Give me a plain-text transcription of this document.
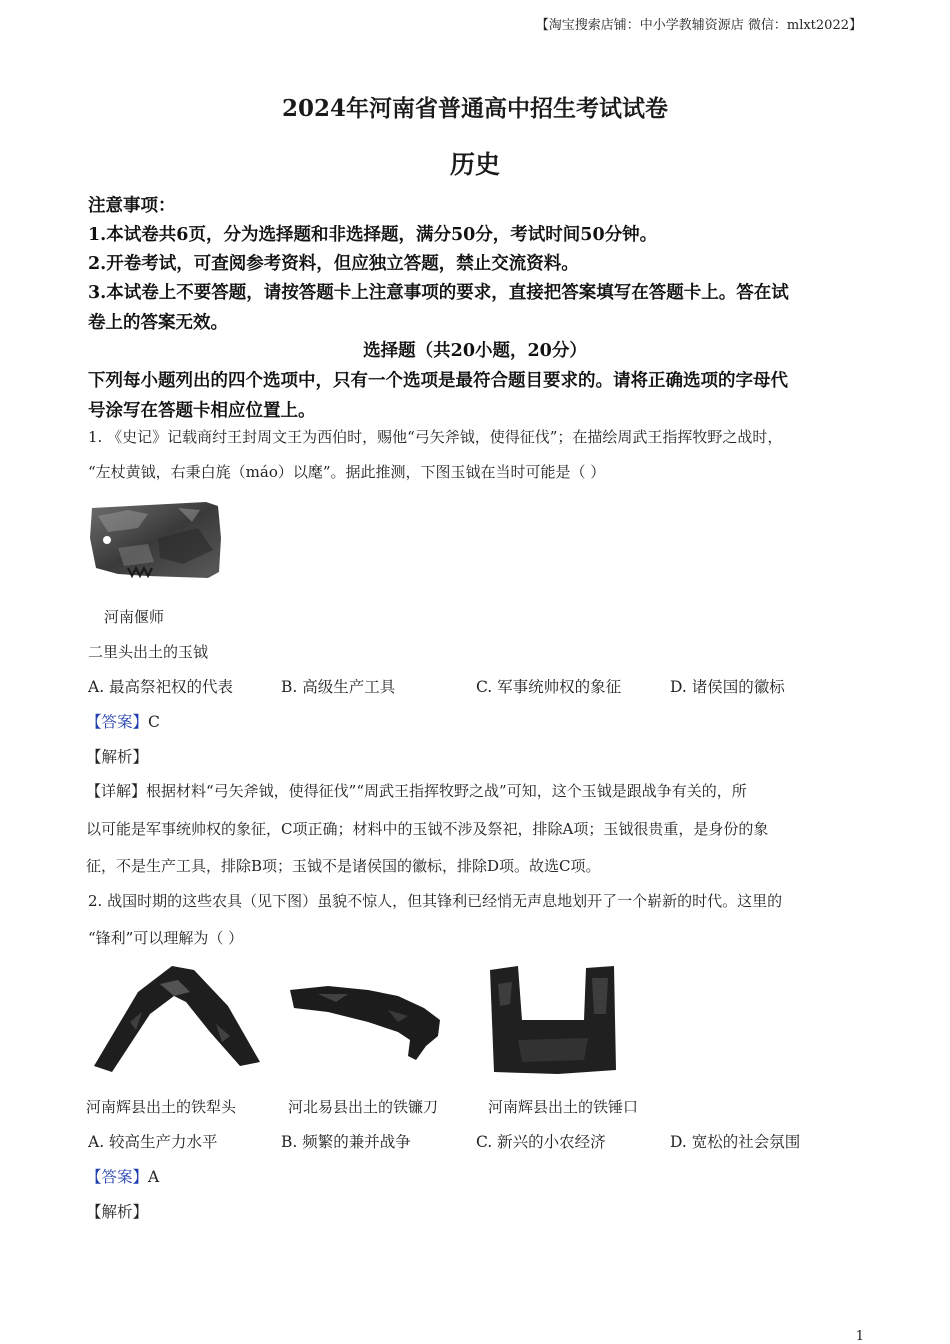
【淘宝搜索店铺：中小学教辅资源店 微信：mlxt2022】
2024年河南省普通高中招生考试试卷
历史
注意事项：
1.本试卷共6页，分为选择题和非选择题，满分50分，考试时间50分钟。
2.开卷考试，可查阅参考资料，但应独立答题，禁止交流资料。
3.本试卷上不要答题，请按答题卡上注意事项的要求，直接把答案填写在答题卡上。答在试
卷上的答案无效。
选择题（共20小题，20分）
下列每小题列出的四个选项中，只有一个选项是最符合题目要求的。请将正确选项的字母代
号涂写在答题卡相应位置上。
1. 《史记》记载商纣王封周文王为西伯时，赐他“弓矢斧钺，使得征伐”；在描绘周武王指挥牧野之战时，
“左杖黄钺，右秉白旄（máo）以麾”。据此推测，下图玉钺在当时可能是（ ）
河南偃师
二里头出土的玉钺
A. 最高祭祀权的代表	B. 高级生产工具	C. 军事统帅权的象征	D. 诸侯国的徽标
【答案】C
【解析】
【详解】根据材料“弓矢斧钺，使得征伐”“周武王指挥牧野之战”可知，这个玉钺是跟战争有关的，所
以可能是军事统帅权的象征，C项正确；材料中的玉钺不涉及祭祀，排除A项；玉钺很贵重，是身份的象
征，不是生产工具，排除B项；玉钺不是诸侯国的徽标，排除D项。故选C项。
2. 战国时期的这些农具（见下图）虽貌不惊人，但其锋利已经悄无声息地划开了一个崭新的时代。这里的
“锋利”可以理解为（ ）
河南辉县出土的铁犁头	河北易县出土的铁镰刀	河南辉县出土的铁锤口
A. 较高生产力水平	B. 频繁的兼并战争	C. 新兴的小农经济	D. 宽松的社会氛围
【答案】A
【解析】
1
